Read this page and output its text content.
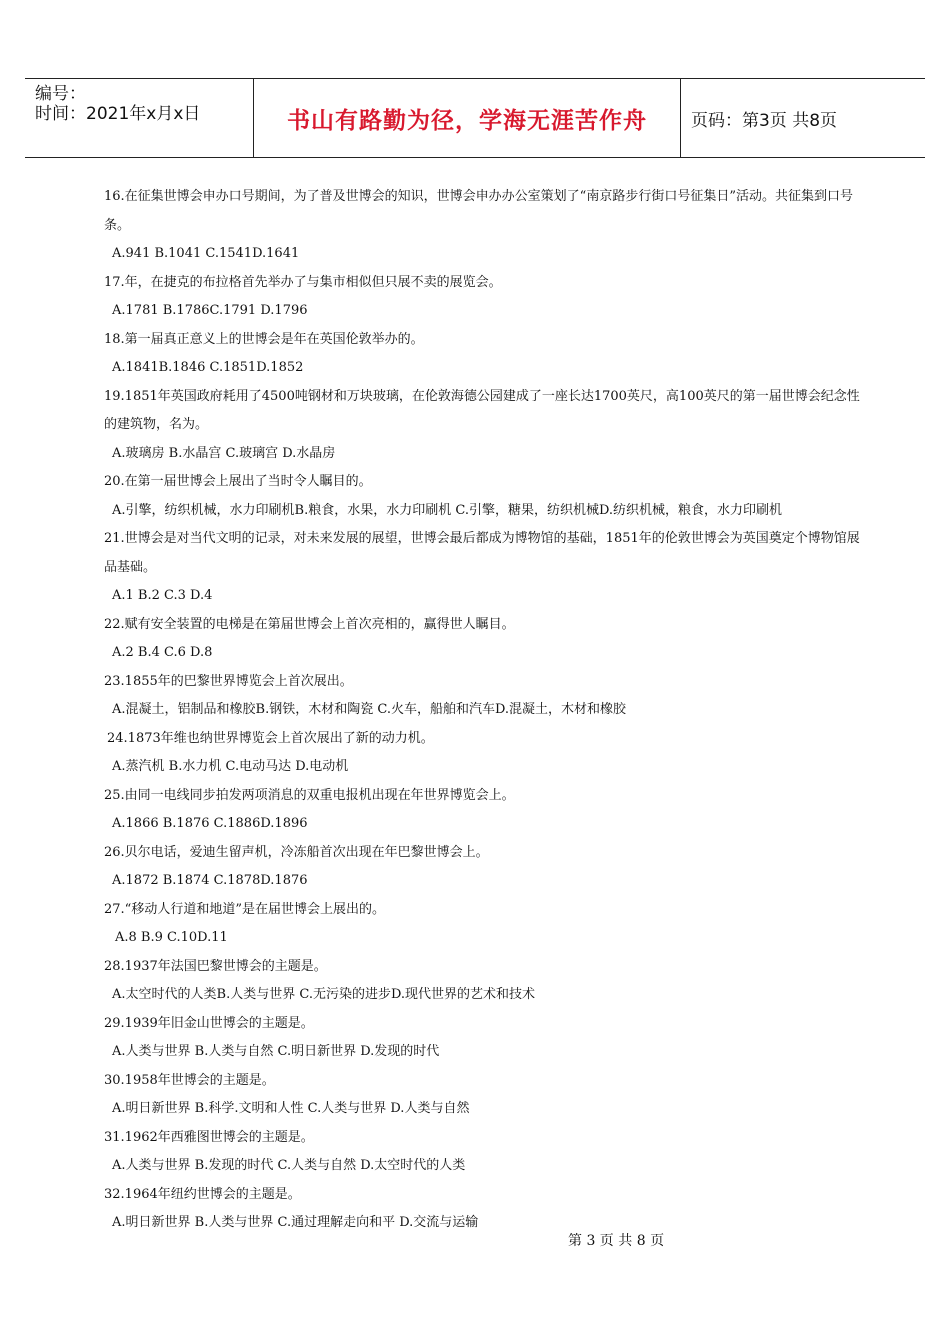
编号：
时间：2021年x月x日	书山有路勤为径，学海无涯苦作舟	页码：第3页 共8页
16.在征集世博会申办口号期间，为了普及世博会的知识，世博会申办办公室策划了“南京路步行街口号征集日”活动。共征集到口号条。
A.941 B.1041 C.1541D.1641
17.年，在捷克的布拉格首先举办了与集市相似但只展不卖的展览会。
A.1781 B.1786C.1791 D.1796
18.第一届真正意义上的世博会是年在英国伦敦举办的。
A.1841B.1846 C.1851D.1852
19.1851年英国政府耗用了4500吨钢材和万块玻璃，在伦敦海德公园建成了一座长达1700英尺，高100英尺的第一届世博会纪念性的建筑物，名为。
A.玻璃房 B.水晶宫 C.玻璃宫 D.水晶房
20.在第一届世博会上展出了当时令人瞩目的。
A.引擎，纺织机械，水力印刷机B.粮食，水果，水力印刷机 C.引擎，糖果，纺织机械D.纺织机械，粮食，水力印刷机
21.世博会是对当代文明的记录，对未来发展的展望，世博会最后都成为博物馆的基础，1851年的伦敦世博会为英国奠定个博物馆展品基础。
A.1 B.2 C.3 D.4
22.赋有安全装置的电梯是在第届世博会上首次亮相的，赢得世人瞩目。
A.2 B.4 C.6 D.8
23.1855年的巴黎世界博览会上首次展出。
A.混凝土，铝制品和橡胶B.钢铁，木材和陶瓷 C.火车，船舶和汽车D.混凝土，木材和橡胶
24.1873年维也纳世界博览会上首次展出了新的动力机。
A.蒸汽机 B.水力机 C.电动马达 D.电动机
25.由同一电线同步拍发两项消息的双重电报机出现在年世界博览会上。
A.1866 B.1876 C.1886D.1896
26.贝尔电话，爱迪生留声机，冷冻船首次出现在年巴黎世博会上。
A.1872 B.1874 C.1878D.1876
27.“移动人行道和地道”是在届世博会上展出的。
A.8 B.9 C.10D.11
28.1937年法国巴黎世博会的主题是。
A.太空时代的人类B.人类与世界 C.无污染的进步D.现代世界的艺术和技术
29.1939年旧金山世博会的主题是。
A.人类与世界 B.人类与自然 C.明日新世界 D.发现的时代
30.1958年世博会的主题是。
A.明日新世界 B.科学.文明和人性 C.人类与世界 D.人类与自然
31.1962年西雅图世博会的主题是。
A.人类与世界 B.发现的时代 C.人类与自然 D.太空时代的人类
32.1964年纽约世博会的主题是。
A.明日新世界 B.人类与世界 C.通过理解走向和平 D.交流与运输
第 3 页 共 8 页
